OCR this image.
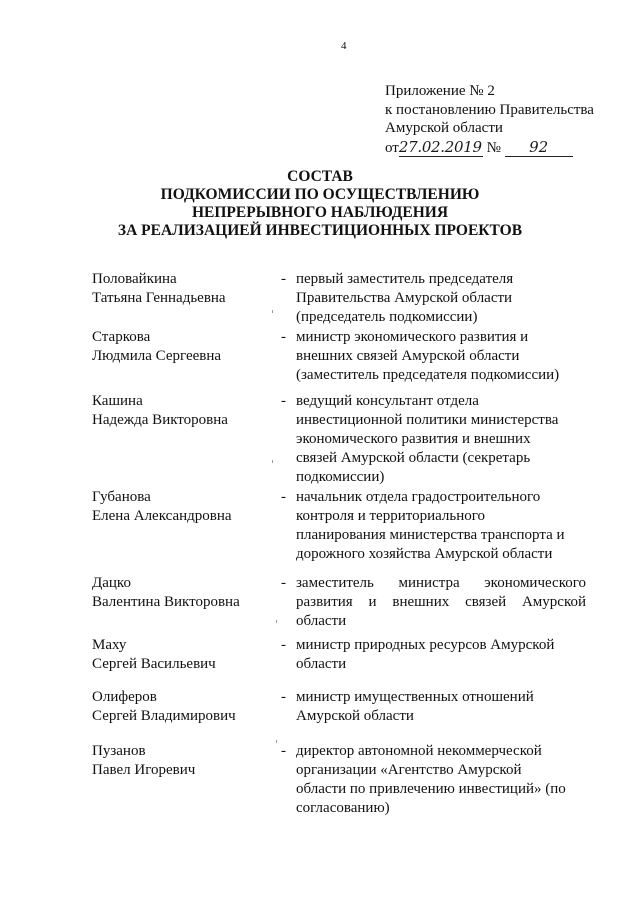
4
Приложение № 2
к постановлению Правительства
Амурской области
от27.02.2019 № 92
СОСТАВ
ПОДКОМИССИИ ПО ОСУЩЕСТВЛЕНИЮ
НЕПРЕРЫВНОГО НАБЛЮДЕНИЯ
ЗА РЕАЛИЗАЦИЕЙ ИНВЕСТИЦИОННЫХ ПРОЕКТОВ
Половайкина
Татьяна Геннадьевна
- первый заместитель председателя
Правительства Амурской области
(председатель подкомиссии)
Старкова
Людмила Сергеевна
- министр экономического развития и
внешних связей Амурской области
(заместитель председателя подкомиссии)
Кашина
Надежда Викторовна
- ведущий консультант отдела
инвестиционной политики министерства
экономического развития и внешних
связей Амурской области (секретарь
подкомиссии)
Губанова
Елена Александровна
- начальник отдела градостроительного
контроля и территориального
планирования министерства транспорта и
дорожного хозяйства Амурской области
Дацко
Валентина Викторовна
- заместитель министра экономического
развития и внешних связей Амурской
области
Маху
Сергей Васильевич
- министр природных ресурсов Амурской
области
Олиферов
Сергей Владимирович
- министр имущественных отношений
Амурской области
Пузанов
Павел Игоревич
- директор автономной некоммерческой
организации «Агентство Амурской
области по привлечению инвестиций» (по
согласованию)
